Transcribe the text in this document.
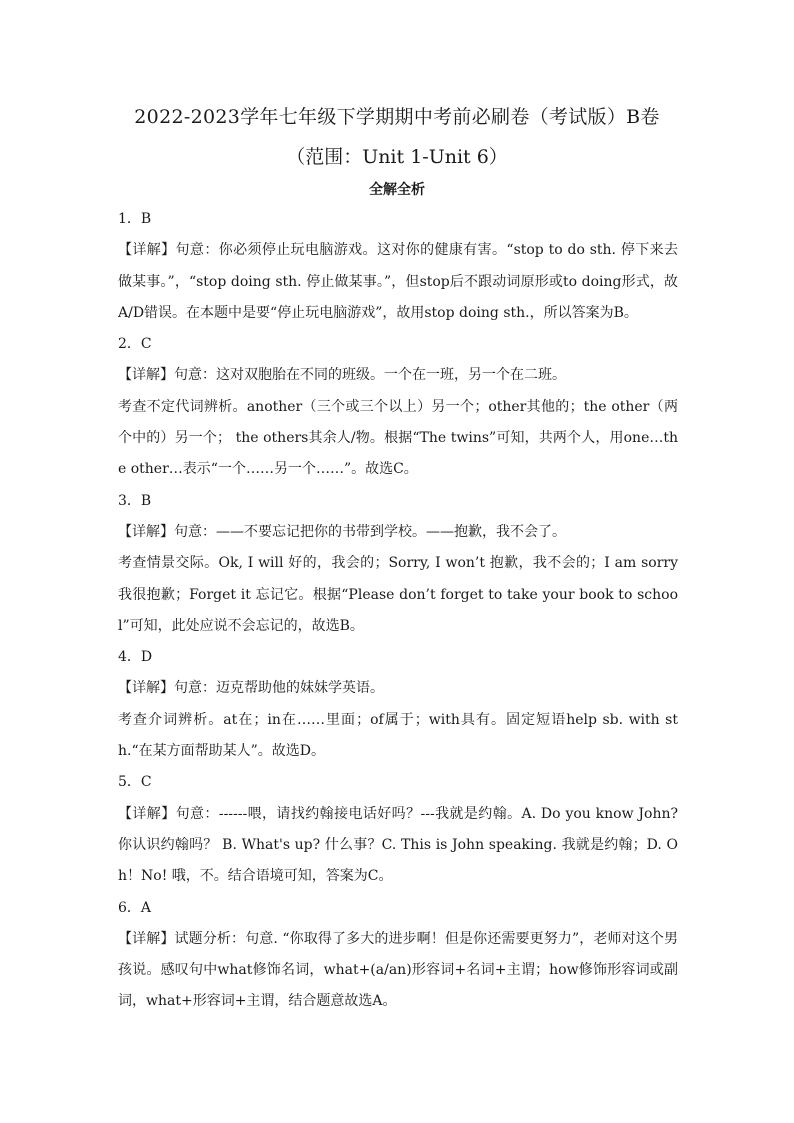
2022-2023学年七年级下学期期中考前必刷卷（考试版）B卷
（范围：Unit 1-Unit 6）
全解全析
1．B

【详解】句意：你必须停止玩电脑游戏。这对你的健康有害。“stop to do sth. 停下来去做某事。”，“stop doing sth. 停止做某事。”，但stop后不跟动词原形或to doing形式，故A/D错误。在本题中是要“停止玩电脑游戏”，故用stop doing sth.，所以答案为B。

2．C

【详解】句意：这对双胞胎在不同的班级。一个在一班，另一个在二班。

考查不定代词辨析。another（三个或三个以上）另一个；other其他的；the other（两个中的）另一个； the others其余人/物。根据“The twins”可知，共两个人，用one…the other…表示“一个……另一个……”。故选C。

3．B

【详解】句意：——不要忘记把你的书带到学校。——抱歉，我不会了。

考查情景交际。Ok, I will 好的，我会的；Sorry, I won’t 抱歉，我不会的；I am sorry 我很抱歉；Forget it 忘记它。根据“Please don’t forget to take your book to school”可知，此处应说不会忘记的，故选B。

4．D

【详解】句意：迈克帮助他的妹妹学英语。

考查介词辨析。at在；in在……里面；of属于；with具有。固定短语help sb. with sth.“在某方面帮助某人”。故选D。

5．C

【详解】句意：------喂，请找约翰接电话好吗？---我就是约翰。A. Do you know John? 你认识约翰吗？ B. What's up? 什么事？C. This is John speaking. 我就是约翰；D. Oh！No! 哦，不。结合语境可知，答案为C。

6．A

【详解】试题分析：句意. “你取得了多大的进步啊！但是你还需要更努力”，老师对这个男孩说。感叹句中what修饰名词，what+(a/an)形容词+名词+主谓；how修饰形容词或副词，what+形容词+主谓，结合题意故选A。
